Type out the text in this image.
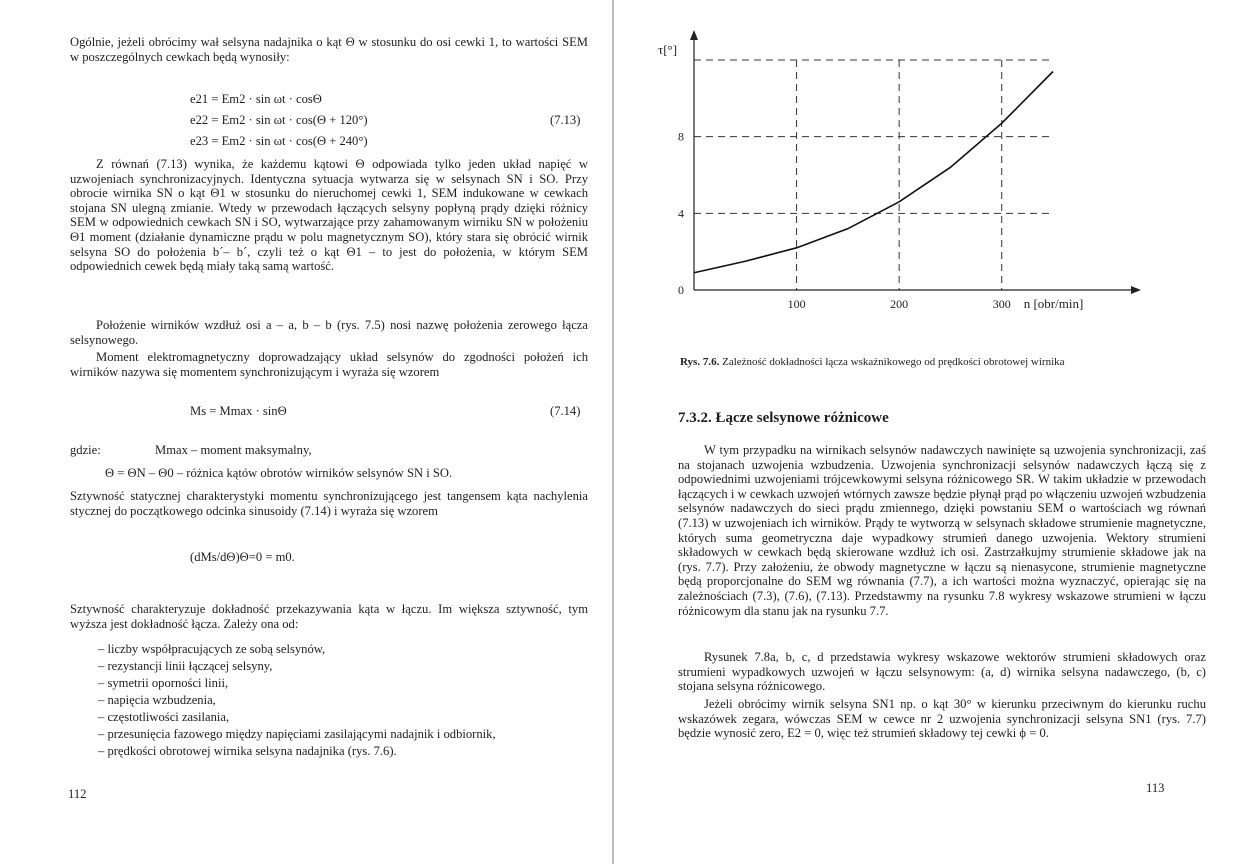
Ogólnie, jeżeli obrócimy wał selsyna nadajnika o kąt Θ w stosunku do osi cewki 1, to wartości SEM w poszczególnych cewkach będą wynosiły:

e21 = Em2 · sin ωt · cosΘ
e22 = Em2 · sin ωt · cos(Θ + 120°)
e23 = Em2 · sin ωt · cos(Θ + 240°)
(7.13)

Z równań (7.13) wynika, że każdemu kątowi Θ odpowiada tylko jeden układ napięć w uzwojeniach synchronizacyjnych. Identyczna sytuacja wytwarza się w selsynach SN i SO. Przy obrocie wirnika SN o kąt Θ1 w stosunku do nieruchomej cewki 1, SEM indukowane w cewkach stojana SN ulegną zmianie. Wtedy w przewodach łączących selsyny popłyną prądy dzięki różnicy SEM w odpowiednich cewkach SN i SO, wytwarzające przy zahamowanym wirniku SN w położeniu Θ1 moment (działanie dynamiczne prądu w polu magnetycznym SO), który stara się obrócić wirnik selsyna SO do położenia b´– b´, czyli też o kąt Θ1 – to jest do położenia, w którym SEM odpowiednich cewek będą miały taką samą wartość.

Położenie wirników wzdłuż osi a – a, b – b (rys. 7.5) nosi nazwę położenia zerowego łącza selsynowego.

Moment elektromagnetyczny doprowadzający układ selsynów do zgodności położeń ich wirników nazywa się momentem synchronizującym i wyraża się wzorem

Ms = Mmax · sinΘ	(7.14)
gdzie:	Mmax – moment maksymalny,
Θ = ΘN – Θ0 – różnica kątów obrotów wirników selsynów SN i SO.

Sztywność statycznej charakterystyki momentu synchronizującego jest tangensem kąta nachylenia stycznej do początkowego odcinka sinusoidy (7.14) i wyraża się wzorem

(dMs/dΘ)Θ=0 = m0.

Sztywność charakteryzuje dokładność przekazywania kąta w łączu. Im większa sztywność, tym wyższa jest dokładność łącza. Zależy ona od:

– liczby współpracujących ze sobą selsynów,
– rezystancji linii łączącej selsyny,
– symetrii oporności linii,
– napięcia wzbudzenia,
– częstotliwości zasilania,
– przesunięcia fazowego między napięciami zasilającymi nadajnik i odbiornik,
– prędkości obrotowej wirnika selsyna nadajnika (rys. 7.6).
112
0
4
8
100	200	300
τ[°]
n [obr/min]
Rys. 7.6. Zależność dokładności łącza wskaźnikowego od prędkości obrotowej wirnika
7.3.2. Łącze selsynowe różnicowe

W tym przypadku na wirnikach selsynów nadawczych nawinięte są uzwojenia synchronizacji, zaś na stojanach uzwojenia wzbudzenia. Uzwojenia synchronizacji selsynów nadawczych łączą się z odpowiednimi uzwojeniami trójcewkowymi selsyna różnicowego SR. W takim układzie w przewodach łączących i w cewkach uzwojeń wtórnych zawsze będzie płynął prąd po włączeniu uzwojeń wzbudzenia selsynów nadawczych do sieci prądu zmiennego, dzięki powstaniu SEM o wartościach wg równań (7.13) w uzwojeniach ich wirników. Prądy te wytworzą w selsynach składowe strumienie magnetyczne, których suma geometryczna daje wypadkowy strumień danego uzwojenia. Wektory strumieni składowych w cewkach będą skierowane wzdłuż ich osi. Zastrzałkujmy strumienie składowe jak na (rys. 7.7). Przy założeniu, że obwody magnetyczne w łączu są nienasycone, strumienie magnetyczne będą proporcjonalne do SEM wg równania (7.7), a ich wartości można wyznaczyć, opierając się na zależnościach (7.3), (7.6), (7.13). Przedstawmy na rysunku 7.8 wykresy wskazowe strumieni w łączu różnicowym dla stanu jak na rysunku 7.7.

Rysunek 7.8a, b, c, d przedstawia wykresy wskazowe wektorów strumieni składowych oraz strumieni wypadkowych uzwojeń w łączu selsynowym: (a, d) wirnika selsyna nadawczego, (b, c) stojana selsyna różnicowego.

Jeżeli obrócimy wirnik selsyna SN1 np. o kąt 30° w kierunku przeciwnym do kierunku ruchu wskazówek zegara, wówczas SEM w cewce nr 2 uzwojenia synchronizacji selsyna SN1 (rys. 7.7) będzie wynosić zero, E2 = 0, więc też strumień składowy tej cewki ϕ = 0.

113
